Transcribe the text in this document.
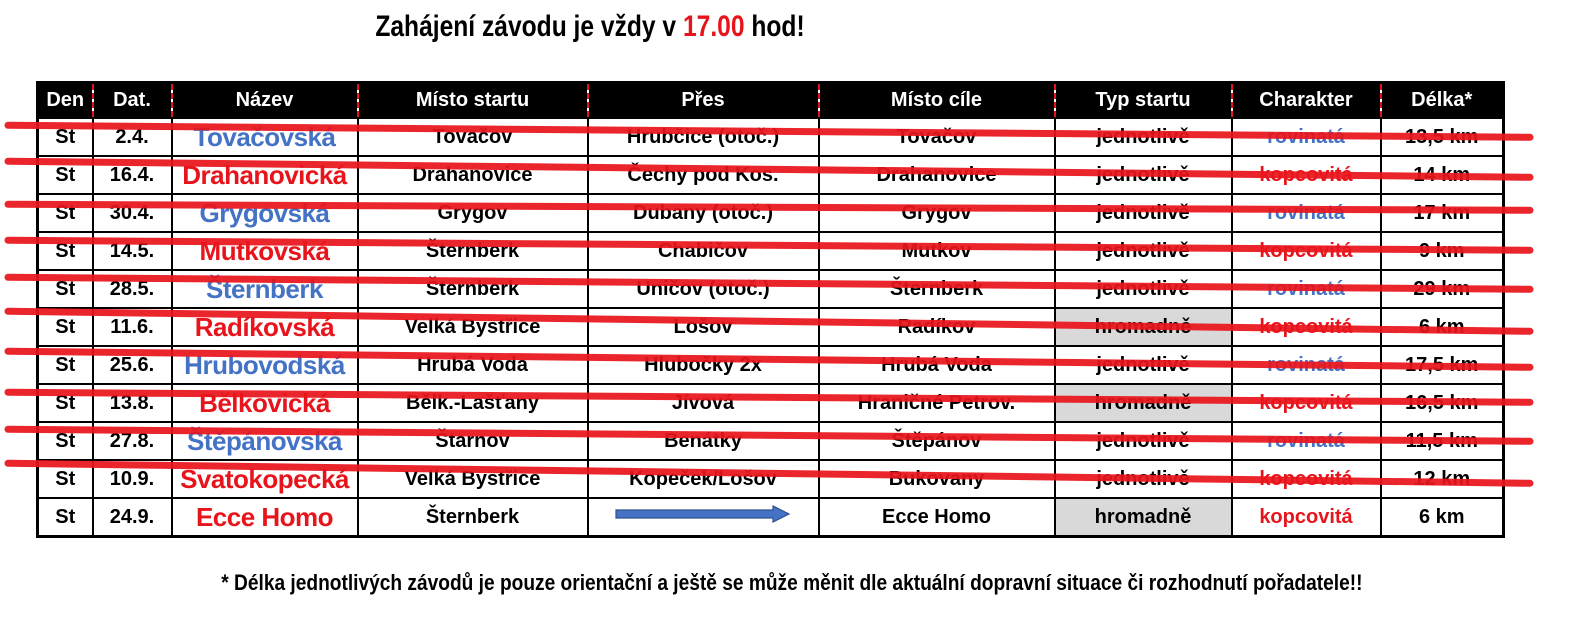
Zahájení závodu je vždy v 17.00 hod!
Den	Dat.	Název	Místo startu	Přes	Místo cíle	Typ startu	Charakter	Délka*
St	2.4.	Tovačovská	Tovačov	Hrubčice (otoč.)	Tovačov	jednotlivě	rovinatá	13,5 km
St	16.4.	Drahanovická	Drahanovice	Čechy pod Kos.	Drahanovice	jednotlivě	kopcovitá	14 km
St	30.4.	Grygovská	Grygov	Dubany (otoč.)	Grygov	jednotlivě	rovinatá	17 km
St	14.5.	Mutkovská	Šternberk	Chabičov	Mutkov	jednotlivě	kopcovitá	9 km
St	28.5.	Šternberk	Šternberk	Uničov (otoč.)	Šternberk	jednotlivě	rovinatá	29 km
St	11.6.	Radíkovská	Velká Bystřice	Lošov	Radíkov	hromadně	kopcovitá	6 km
St	25.6.	Hrubovodská	Hrubá Voda	Hlubočky 2x	Hrubá Voda	jednotlivě	rovinatá	17,5 km
St	13.8.	Bělkovická	Bělk.-Lašťany	Jívová	Hraničné Petrov.	hromadně	kopcovitá	16,5 km
St	27.8.	Štěpánovská	Štarnov	Benátky	Štěpánov	jednotlivě	rovinatá	11,5 km
St	10.9.	Svatokopecká	Velká Bystřice	Kopeček/Lošov	Bukovany	jednotlivě	kopcovitá	12 km
St	24.9.	Ecce Homo	Šternberk		Ecce Homo	hromadně	kopcovitá	6 km
* Délka jednotlivých závodů je pouze orientační a ještě se může měnit dle aktuální dopravní situace či rozhodnutí pořadatele!!
